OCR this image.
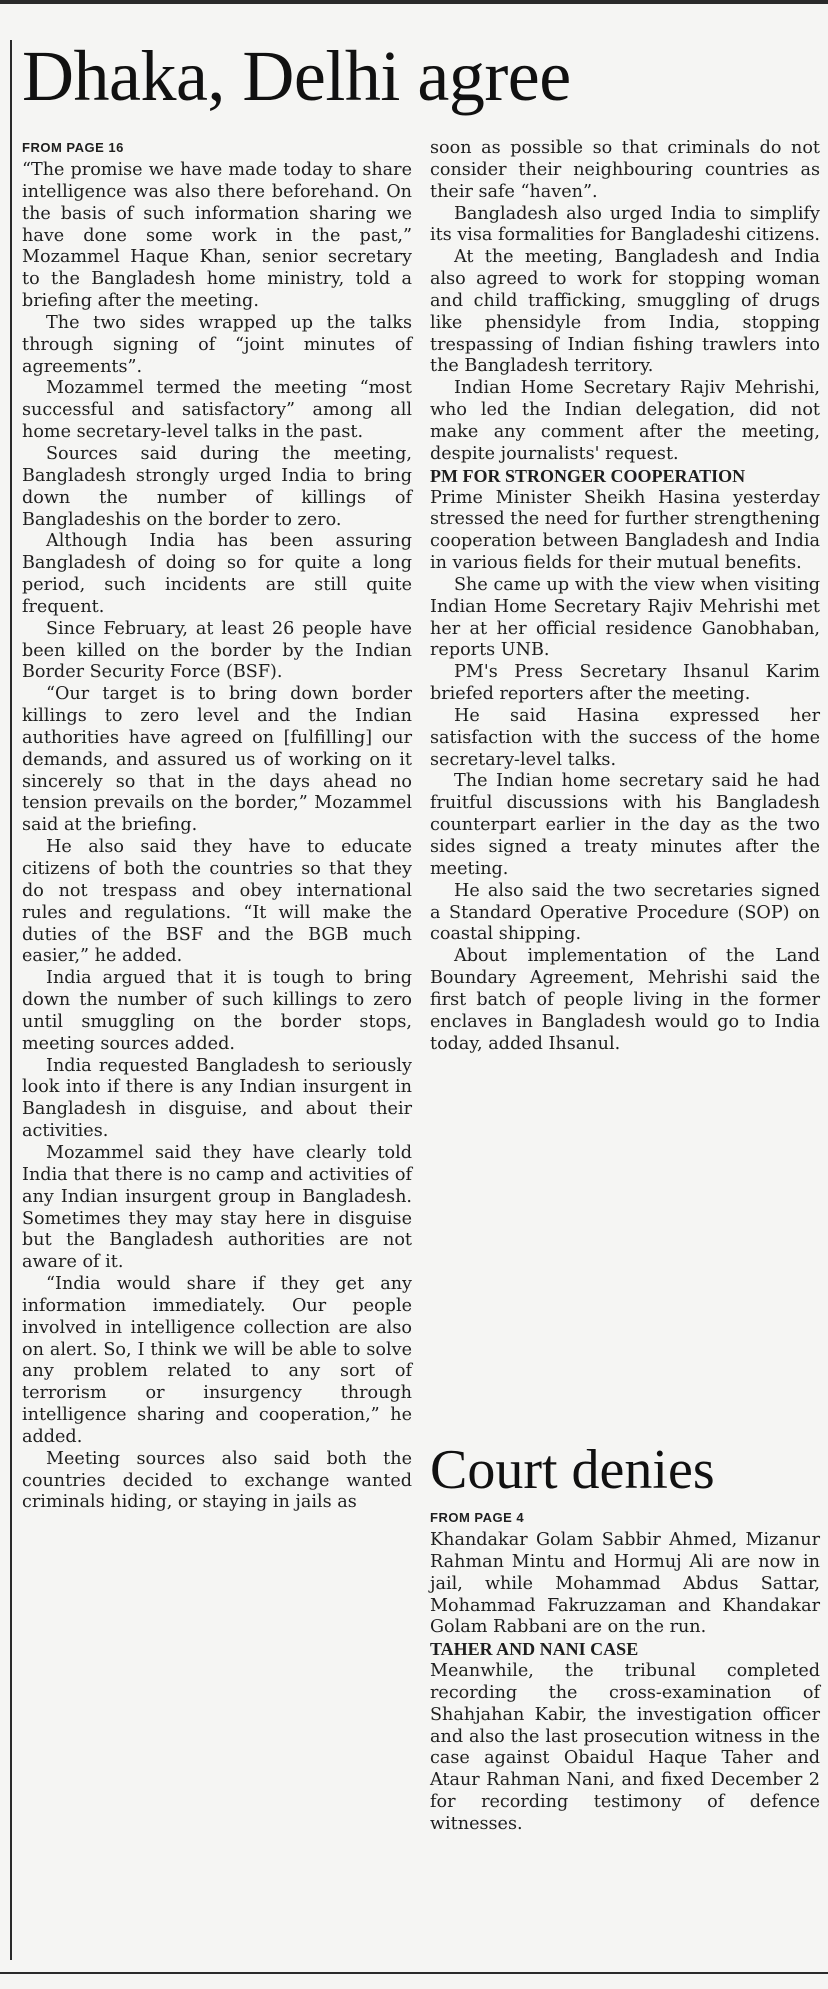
Dhaka, Delhi agree
FROM PAGE 16

“The promise we have made today to share intelligence was also there beforehand. On the basis of such information sharing we have done some work in the past,” Mozammel Haque Khan, senior secretary to the Bangladesh home ministry, told a briefing after the meeting.

The two sides wrapped up the talks through signing of “joint minutes of agreements”.

Mozammel termed the meeting “most successful and satisfactory” among all home secretary-level talks in the past.

Sources said during the meeting, Bangladesh strongly urged India to bring down the number of killings of Bangladeshis on the border to zero.

Although India has been assuring Bangladesh of doing so for quite a long period, such incidents are still quite frequent.

Since February, at least 26 people have been killed on the border by the Indian Border Security Force (BSF).

“Our target is to bring down border killings to zero level and the Indian authorities have agreed on [fulfilling] our demands, and assured us of working on it sincerely so that in the days ahead no tension prevails on the border,” Mozammel said at the briefing.

He also said they have to educate citizens of both the countries so that they do not trespass and obey international rules and regulations. “It will make the duties of the BSF and the BGB much easier,” he added.

India argued that it is tough to bring down the number of such killings to zero until smuggling on the border stops, meeting sources added.

India requested Bangladesh to seriously look into if there is any Indian insurgent in Bangladesh in disguise, and about their activities.

Mozammel said they have clearly told India that there is no camp and activities of any Indian insurgent group in Bangladesh. Sometimes they may stay here in disguise but the Bangladesh authorities are not aware of it.

“India would share if they get any information immediately. Our people involved in intelligence collection are also on alert. So, I think we will be able to solve any problem related to any sort of terrorism or insurgency through intelligence sharing and cooperation,” he added.

Meeting sources also said both the countries decided to exchange wanted criminals hiding, or staying in jails as

soon as possible so that criminals do not consider their neighbouring countries as their safe “haven”.

Bangladesh also urged India to simplify its visa formalities for Bangladeshi citizens.

At the meeting, Bangladesh and India also agreed to work for stopping woman and child trafficking, smuggling of drugs like phensidyle from India, stopping trespassing of Indian fishing trawlers into the Bangladesh territory.

Indian Home Secretary Rajiv Mehrishi, who led the Indian delegation, did not make any comment after the meeting, despite journalists' request.

PM FOR STRONGER COOPERATION

Prime Minister Sheikh Hasina yesterday stressed the need for further strengthening cooperation between Bangladesh and India in various fields for their mutual benefits.

She came up with the view when visiting Indian Home Secretary Rajiv Mehrishi met her at her official residence Ganobhaban, reports UNB.

PM's Press Secretary Ihsanul Karim briefed reporters after the meeting.

He said Hasina expressed her satisfaction with the success of the home secretary-level talks.

The Indian home secretary said he had fruitful discussions with his Bangladesh counterpart earlier in the day as the two sides signed a treaty minutes after the meeting.

He also said the two secretaries signed a Standard Operative Procedure (SOP) on coastal shipping.

About implementation of the Land Boundary Agreement, Mehrishi said the first batch of people living in the former enclaves in Bangladesh would go to India today, added Ihsanul.

Court denies
FROM PAGE 4

Khandakar Golam Sabbir Ahmed, Mizanur Rahman Mintu and Hormuj Ali are now in jail, while Mohammad Abdus Sattar, Mohammad Fakruzzaman and Khandakar Golam Rabbani are on the run.

TAHER AND NANI CASE

Meanwhile, the tribunal completed recording the cross-examination of Shahjahan Kabir, the investigation officer and also the last prosecution witness in the case against Obaidul Haque Taher and Ataur Rahman Nani, and fixed December 2 for recording testimony of defence witnesses.
